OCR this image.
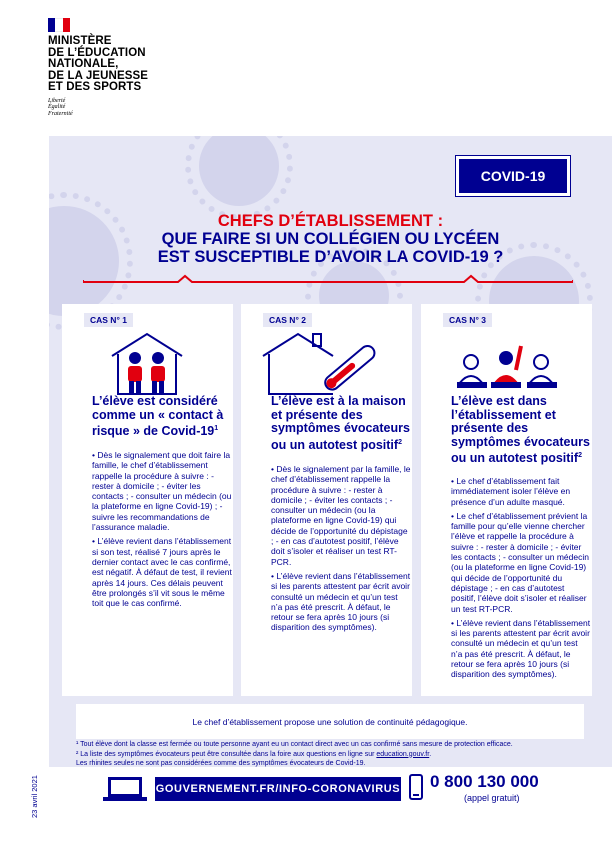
MINISTÈRE
DE L’ÉDUCATION
NATIONALE,
DE LA JEUNESSE
ET DES SPORTS
Liberté
Égalité
Fraternité
COVID-19
CHEFS D’ÉTABLISSEMENT :
QUE FAIRE SI UN COLLÉGIEN OU LYCÉEN
EST SUSCEPTIBLE D’AVOIR LA COVID-19 ?
CAS N° 1
L’élève est considéré comme un « contact à risque » de Covid-$19^1$

• Dès le signalement que doit faire la famille, le chef d’établissement rappelle la procédure à suivre : - rester à domicile ; - éviter les contacts ; - consulter un médecin (ou la plateforme en ligne Covid-19) ; - suivre les recommandations de l’assurance maladie.

• L’élève revient dans l’établissement si son test, réalisé 7 jours après le dernier contact avec le cas confirmé, est négatif. À défaut de test, il revient après 14 jours. Ces délais peuvent être prolongés s’il vit sous le même toit que le cas confirmé.

CAS N° 2
L’élève est à la maison et présente des symptômes évocateurs ou un autotest positif$^2$

• Dès le signalement par la famille, le chef d’établissement rappelle la procédure à suivre : - rester à domicile ; - éviter les contacts ; - consulter un médecin (ou la plateforme en ligne Covid-19) qui décide de l’opportunité du dépistage ; - en cas d’autotest positif, l’élève doit s’isoler et réaliser un test RT-PCR.

• L’élève revient dans l’établissement si les parents attestent par écrit avoir consulté un médecin et qu’un test n’a pas été prescrit. À défaut, le retour se fera après 10 jours (si disparition des symptômes).

CAS N° 3
L’élève est dans l’établissement et présente des symptômes évocateurs ou un autotest positif$^2$

• Le chef d’établissement fait immédiatement isoler l’élève en présence d’un adulte masqué.

• Le chef d’établissement prévient la famille pour qu’elle vienne chercher l’élève et rappelle la procédure à suivre : - rester à domicile ; - éviter les contacts ; - consulter un médecin (ou la plateforme en ligne Covid-19) qui décide de l’opportunité du dépistage ; - en cas d’autotest positif, l’élève doit s’isoler et réaliser un test RT-PCR.

• L’élève revient dans l’établissement si les parents attestent par écrit avoir consulté un médecin et qu’un test n’a pas été prescrit. À défaut, le retour se fera après 10 jours (si disparition des symptômes).

Le chef d’établissement propose une solution de continuité pédagogique.
¹ Tout élève dont la classe est fermée ou toute personne ayant eu un contact direct avec un cas confirmé sans mesure de protection efficace.
² La liste des symptômes évocateurs peut être consultée dans la foire aux questions en ligne sur education.gouv.fr.
Les rhinites seules ne sont pas considérées comme des symptômes évocateurs de Covid-19.
23 avril 2021	GOUVERNEMENT.FR/INFO-CORONAVIRUS 0 800 130 000
(appel gratuit)
